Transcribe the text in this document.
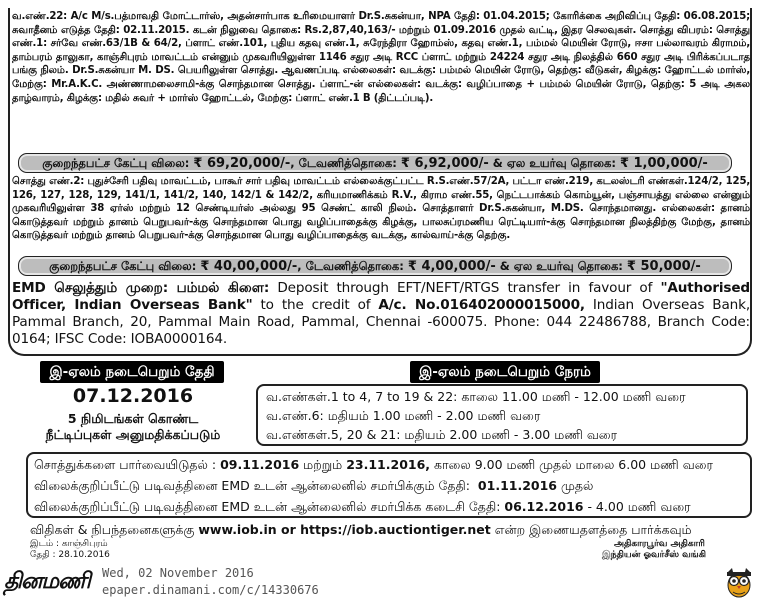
வ.எண்.22: A/c M/s.பத்மாவதி மோட்டார்ஸ், அதன்சார்பாக உரிமையாளர் Dr.S.சுகன்யா, NPA தேதி: 01.04.2015; கோரிக்கை அறிவிப்பு தேதி: 06.08.2015; சுவாதீனம் எடுத்த தேதி: 02.11.2015. கடன் நிலுவை தொகை: Rs.2,87,40,163/- மற்றும் 01.09.2016 முதல் வட்டி, இதர செலவுகள். சொத்து விபரம்: சொத்து எண்.1: சர்வே எண்.63/1B & 64/2, ப்ளாட் எண்.101, புதிய கதவு எண்.1, சுரேந்திரா ஹோம்ஸ், கதவு எண்.1, பம்மல் மெயின் ரோடு, ஈசா பல்லாவரம் கிராமம், தாம்பரம் தாலுகா, காஞ்சிபுரம் மாவட்டம் என்னும் முகவரியிலுள்ள 1146 சதுர அடி RCC ப்ளாட் மற்றும் 24224 சதுர அடி நிலத்தில் 660 சதுர அடி பிரிக்கப்படாத பங்கு நிலம். Dr.S.சுகன்யா M. DS. பெயரிலுள்ள சொத்து. ஆவணப்படி எல்லைகள்: வடக்கு: பம்மல் மெயின் ரோடு, தெற்கு: வீடுகள், கிழக்கு: ஹோட்டல் மார்ஸ், மேற்கு: Mr.A.K.C. அண்ணாமலைசாமி-க்கு சொந்தமான சொத்து. ப்ளாட்-ன் எல்லைகள்: வடக்கு: வழிப்பாதை + பம்மல் மெயின் ரோடு, தெற்கு: 5 அடி அகல தாழ்வாரம், கிழக்கு: மதில் சுவர் + மார்ஸ் ஹோட்டல், மேற்கு: ப்ளாட் எண்.1 B (திட்டப்படி).

குறைந்தபட்ச கேட்பு விலை: ₹ 69,20,000/-, டேவணித்தொகை: ₹ 6,92,000/- & ஏல உயர்வு தொகை: ₹ 1,00,000/-

சொத்து எண்.2: புதுச்சேரி பதிவு மாவட்டம், பாகூர் சார் பதிவு மாவட்டம் எல்லைக்குட்பட்ட R.S.எண்.57/2A, பட்டா எண்.219, கடலஸ்டரி எண்கள்.124/2, 125, 126, 127, 128, 129, 141/1, 141/2, 140, 142/1 & 142/2, கரியமாணிக்கம் R.V., கிராம எண்.55, நெட்டபாக்கம் கொம்யூன், பஞ்சாயத்து எல்லை என்னும் முகவரியிலுள்ள 38 ஏர்ஸ் மற்றும் 12 செண்டியர்ஸ் அல்லது 95 செண்ட் காலி நிலம். சொத்தாளர் Dr.S.சுகன்யா, M.DS. சொந்தமானது. எல்லைகள்: தானம் கொடுத்தவர் மற்றும் தானம் பெறுபவர்-க்கு சொந்தமான பொது வழிப்பாதைக்கு கிழக்கு, பாலசுப்ரமணிய ரெட்டியார்-க்கு சொந்தமான நிலத்திற்கு மேற்கு, தானம் கொடுத்தவர் மற்றும் தானம் பெறுபவர்-க்கு சொந்தமான பொது வழிப்பாதைக்கு வடக்கு, கால்வாய்-க்கு தெற்கு.

குறைந்தபட்ச கேட்பு விலை: ₹ 40,00,000/-, டேவணித்தொகை: ₹ 4,00,000/- & ஏல உயர்வு தொகை: ₹ 50,000/-

EMD செலுத்தும் முறை: பம்மல் கிளை: Deposit through EFT/NEFT/RTGS transfer in favour of "Authorised Officer, Indian Overseas Bank" to the credit of A/c. No.016402000015000, Indian Overseas Bank, Pammal Branch, 20, Pammal Main Road, Pammal, Chennai -600075. Phone: 044 22486788, Branch Code: 0164; IFSC Code: IOBA0000164.

இ-ஏலம் நடைபெறும் தேதி	இ-ஏலம் நடைபெறும் நேரம்
07.12.2016
5 நிமிடங்கள் கொண்ட
நீட்டிப்புகள் அனுமதிக்கப்படும்
வ.எண்கள்.1 to 4, 7 to 19 & 22: காலை 11.00 மணி - 12.00 மணி வரை
வ.எண்.6: மதியம் 1.00 மணி - 2.00 மணி வரை
வ.எண்கள்.5, 20 & 21: மதியம் 2.00 மணி - 3.00 மணி வரை
சொத்துக்களை பார்வையிடுதல் : 09.11.2016 மற்றும் 23.11.2016, காலை 9.00 மணி முதல் மாலை 6.00 மணி வரை
விலைக்குறிப்பீட்டு படிவத்தினை EMD உடன் ஆன்லைனில் சமர்பிக்கும் தேதி: 01.11.2016 முதல்
விலைக்குறிப்பீட்டு படிவத்தினை EMD உடன் ஆன்லைனில் சமர்பிக்க கடைசி தேதி: 06.12.2016 - 4.00 மணி வரை
விதிகள் & நிபந்தனைகளுக்கு www.iob.in or https://iob.auctiontiger.net என்ற இணையதளத்தை பார்க்கவும்
இடம் : காஞ்சிபுரம்
தேதி : 28.10.2016
அதிகாரபூர்வ அதிகாரி
இந்தியன் ஓவர்சீஸ் வங்கி
தினமணி Wed, 02 November 2016
epaper.dinamani.com/c/14330676
